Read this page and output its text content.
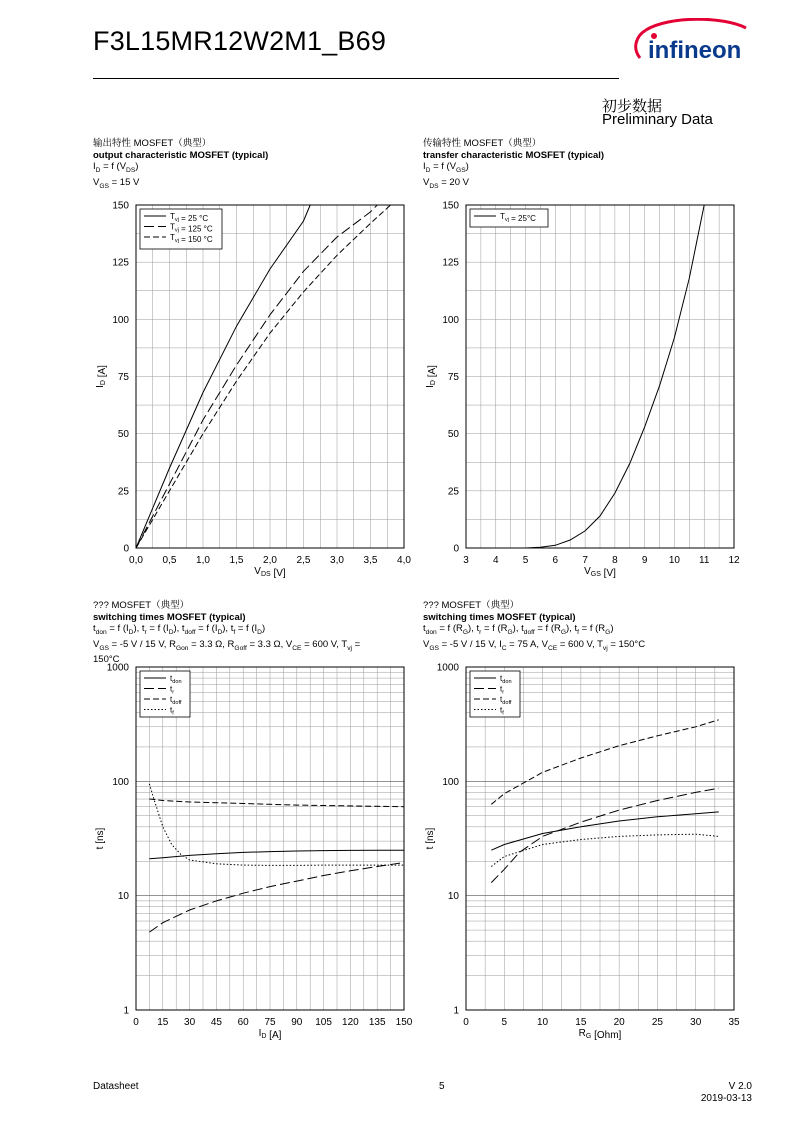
F3L15MR12W2M1_B69	infineon
初步数据
Preliminary Data
输出特性 MOSFET（典型）
output characteristic MOSFET (typical)
$I_D = f$ $(V_{DS})$
$V_{GS} = 15$ V
传输特性 MOSFET（典型）
transfer characteristic MOSFET (typical)
$I_D = f$ $(V_{GS})$
$V_{DS} = 20$ V
??? MOSFET（典型）
switching times MOSFET (typical)
$t_{don} = f$ $(I_D)$, $t_r = f$ $(I_D)$, $t_{doff} = f$ $(I_D)$, $t_f = f$ $(I_D)$
$V_{GS} = -5$ V / 15 V, $R_{Gon} = 3.3$ Ω, $R_{Goff} = 3.3$ Ω, $V_{CE} = 600$ V, $T_{vj}$ =
150°C
??? MOSFET（典型）
switching times MOSFET (typical)
$t_{don} = f$ $(R_G)$, $t_r = f$ $(R_G)$, $t_{doff} = f$ $(R_G)$, $t_f = f$ $(R_G)$
$V_{GS} = -5$ V / 15 V, $I_C = 75$ A, $V_{CE} = 600$ V, $T_{vj} = 150^\circ C$
0,0 0,5 1,0 1,5 2,0 2,5 3,0 3,5 4,0
0
25
50
75
100
125
150
$V_{DS}$ [V]
$I_D$ [A]
$T_{vj} = 25$ °C
$T_{vj} = 125$ °C
$T_{vj} = 150$ °C
3 4 5 6 7 8 9 10 11 12
0
25
50
75
100
125
150
$V_{GS}$ [V]
$I_D$ [A]
$T_{vj} = 25^\circ C$
0 15 30 45 60 75 90 105 120 135 150
1
10
100
1000
$I_D$ [A]
t [ns]
$t_{don}$
$t_r$
$t_{doff}$
$t_f$
0	5	10	15	20	25	30	35
1
10
100
1000
$R_G$ [Ohm]
t [ns]
$t_{don}$
$t_r$
$t_{doff}$
$t_f$
Datasheet	5	V 2.0
2019-03-13
